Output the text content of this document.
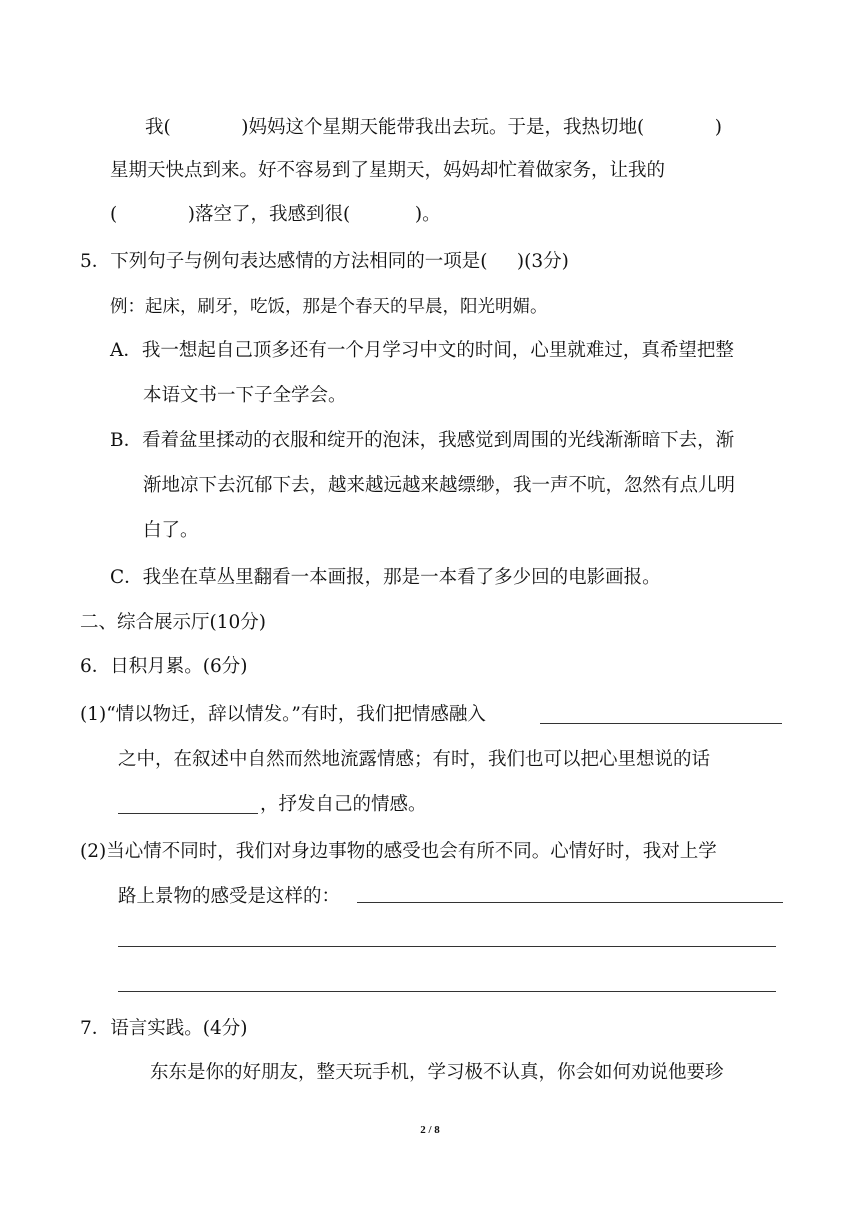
我(            )妈妈这个星期天能带我出去玩。于是，我热切地(            )
星期天快点到来。好不容易到了星期天，妈妈却忙着做家务，让我的
(            )落空了，我感到很(           )。
5．下列句子与例句表达感情的方法相同的一项是(     )(3分)
例：起床，刷牙，吃饭，那是个春天的早晨，阳光明媚。
A．我一想起自己顶多还有一个月学习中文的时间，心里就难过，真希望把整
本语文书一下子全学会。
B．看着盆里揉动的衣服和绽开的泡沫，我感觉到周围的光线渐渐暗下去，渐
渐地凉下去沉郁下去，越来越远越来越缥缈，我一声不吭，忽然有点儿明
白了。
C．我坐在草丛里翻看一本画报，那是一本看了多少回的电影画报。
二、综合展示厅(10分)
6．日积月累。(6分)
(1)“情以物迁，辞以情发。”有时，我们把情感融入
之中，在叙述中自然而然地流露情感；有时，我们也可以把心里想说的话
，抒发自己的情感。
(2)当心情不同时，我们对身边事物的感受也会有所不同。心情好时，我对上学
路上景物的感受是这样的：
7．语言实践。(4分)
东东是你的好朋友，整天玩手机，学习极不认真，你会如何劝说他要珍
2 / 8
